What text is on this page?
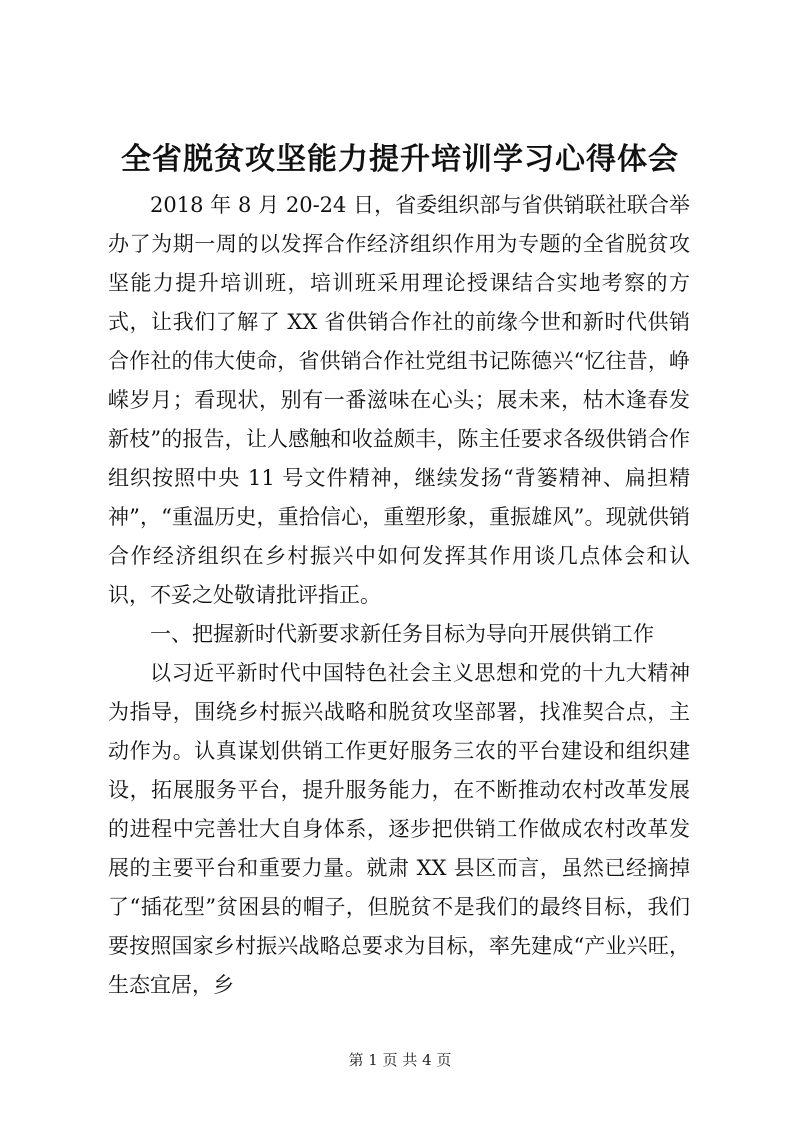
全省脱贫攻坚能力提升培训学习心得体会

2018 年 8 月 20-24 日，省委组织部与省供销联社联合举办了为期一周的以发挥合作经济组织作用为专题的全省脱贫攻坚能力提升培训班，培训班采用理论授课结合实地考察的方式，让我们了解了 XX 省供销合作社的前缘今世和新时代供销合作社的伟大使命，省供销合作社党组书记陈德兴“忆往昔，峥嵘岁月；看现状，别有一番滋味在心头；展未来，枯木逢春发新枝”的报告，让人感触和收益颇丰，陈主任要求各级供销合作组织按照中央 11 号文件精神，继续发扬“背篓精神、扁担精神”，“重温历史，重拾信心，重塑形象，重振雄风”。现就供销合作经济组织在乡村振兴中如何发挥其作用谈几点体会和认识，不妥之处敬请批评指正。

一、把握新时代新要求新任务目标为导向开展供销工作

以习近平新时代中国特色社会主义思想和党的十九大精神为指导，围绕乡村振兴战略和脱贫攻坚部署，找准契合点，主动作为。认真谋划供销工作更好服务三农的平台建设和组织建设，拓展服务平台，提升服务能力，在不断推动农村改革发展的进程中完善壮大自身体系，逐步把供销工作做成农村改革发展的主要平台和重要力量。就肃 XX 县区而言，虽然已经摘掉了“插花型”贫困县的帽子，但脱贫不是我们的最终目标，我们要按照国家乡村振兴战略总要求为目标，率先建成“产业兴旺，生态宜居，乡

第 1 页 共 4 页
